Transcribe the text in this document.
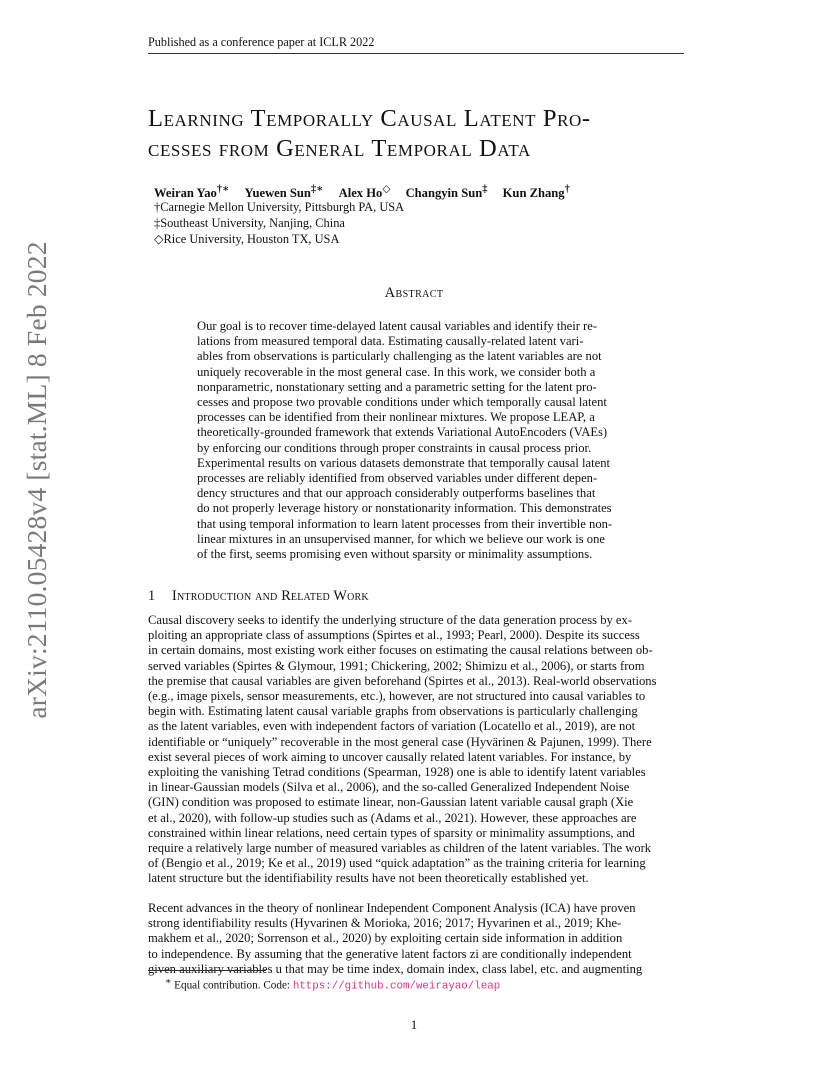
Published as a conference paper at ICLR 2022
arXiv:2110.05428v4 [stat.ML] 8 Feb 2022
Learning Temporally Causal Latent Pro-
cesses from General Temporal Data
Weiran Yao†∗ Yuewen Sun‡∗ Alex Ho◇ Changyin Sun‡ Kun Zhang†
†Carnegie Mellon University, Pittsburgh PA, USA
‡Southeast University, Nanjing, China
◇Rice University, Houston TX, USA
Abstract
Our goal is to recover time-delayed latent causal variables and identify their re-
lations from measured temporal data. Estimating causally-related latent vari-
ables from observations is particularly challenging as the latent variables are not
uniquely recoverable in the most general case. In this work, we consider both a
nonparametric, nonstationary setting and a parametric setting for the latent pro-
cesses and propose two provable conditions under which temporally causal latent
processes can be identified from their nonlinear mixtures. We propose LEAP, a
theoretically-grounded framework that extends Variational AutoEncoders (VAEs)
by enforcing our conditions through proper constraints in causal process prior.
Experimental results on various datasets demonstrate that temporally causal latent
processes are reliably identified from observed variables under different depen-
dency structures and that our approach considerably outperforms baselines that
do not properly leverage history or nonstationarity information. This demonstrates
that using temporal information to learn latent processes from their invertible non-
linear mixtures in an unsupervised manner, for which we believe our work is one
of the first, seems promising even without sparsity or minimality assumptions.
1 Introduction and Related Work
Causal discovery seeks to identify the underlying structure of the data generation process by ex-
ploiting an appropriate class of assumptions (Spirtes et al., 1993; Pearl, 2000). Despite its success
in certain domains, most existing work either focuses on estimating the causal relations between ob-
served variables (Spirtes & Glymour, 1991; Chickering, 2002; Shimizu et al., 2006), or starts from
the premise that causal variables are given beforehand (Spirtes et al., 2013). Real-world observations
(e.g., image pixels, sensor measurements, etc.), however, are not structured into causal variables to
begin with. Estimating latent causal variable graphs from observations is particularly challenging
as the latent variables, even with independent factors of variation (Locatello et al., 2019), are not
identifiable or “uniquely” recoverable in the most general case (Hyvärinen & Pajunen, 1999). There
exist several pieces of work aiming to uncover causally related latent variables. For instance, by
exploiting the vanishing Tetrad conditions (Spearman, 1928) one is able to identify latent variables
in linear-Gaussian models (Silva et al., 2006), and the so-called Generalized Independent Noise
(GIN) condition was proposed to estimate linear, non-Gaussian latent variable causal graph (Xie
et al., 2020), with follow-up studies such as (Adams et al., 2021). However, these approaches are
constrained within linear relations, need certain types of sparsity or minimality assumptions, and
require a relatively large number of measured variables as children of the latent variables. The work
of (Bengio et al., 2019; Ke et al., 2019) used “quick adaptation” as the training criteria for learning
latent structure but the identifiability results have not been theoretically established yet.
Recent advances in the theory of nonlinear Independent Component Analysis (ICA) have proven
strong identifiability results (Hyvarinen & Morioka, 2016; 2017; Hyvarinen et al., 2019; Khe-
makhem et al., 2020; Sorrenson et al., 2020) by exploiting certain side information in addition
to independence. By assuming that the generative latent factors zi are conditionally independent
given auxiliary variables u that may be time index, domain index, class label, etc. and augmenting
∗ Equal contribution. Code: https://github.com/weirayao/leap
1
